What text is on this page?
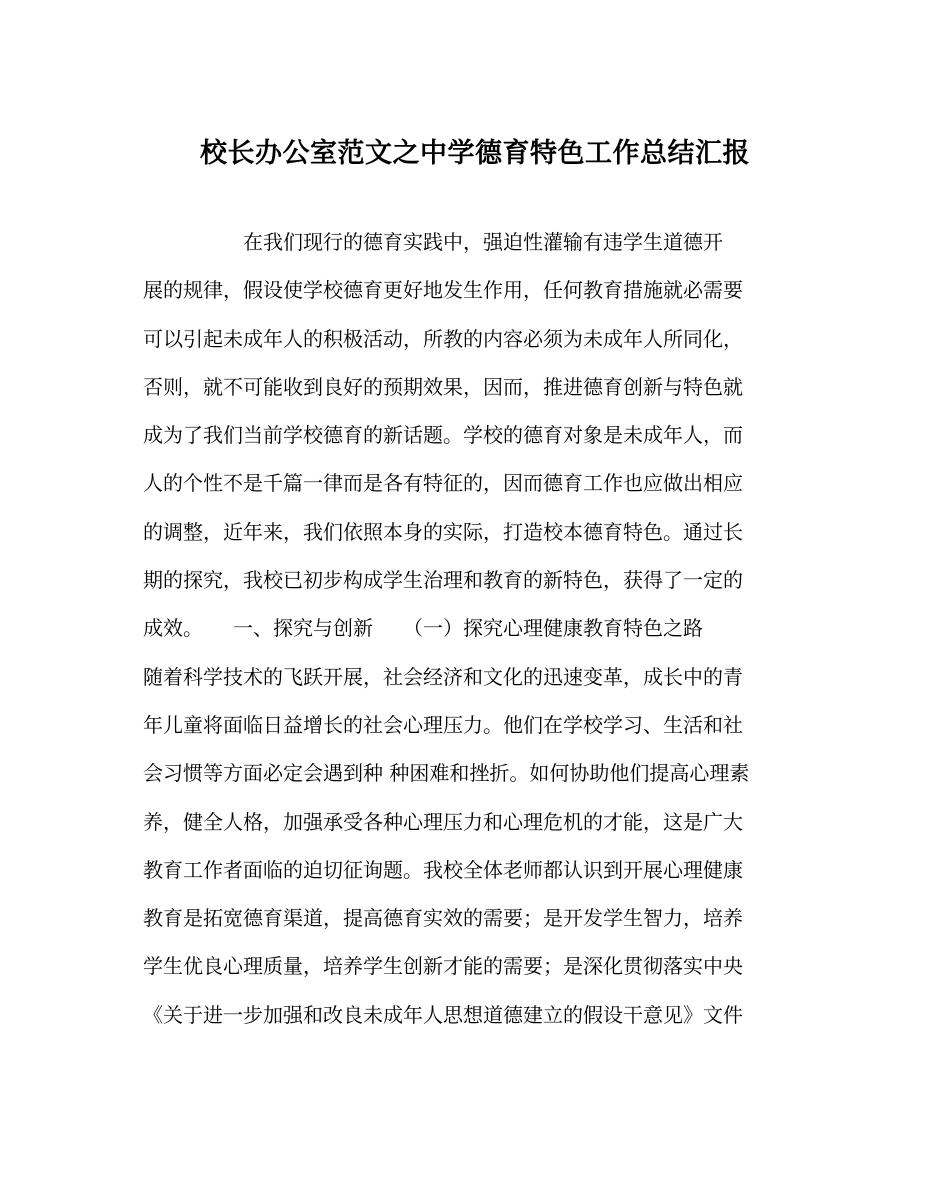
校长办公室范文之中学德育特色工作总结汇报
　　　　　在我们现行的德育实践中，强迫性灌输有违学生道德开
展的规律，假设使学校德育更好地发生作用，任何教育措施就必需要
可以引起未成年人的积极活动，所教的内容必须为未成年人所同化，
否则，就不可能收到良好的预期效果，因而，推进德育创新与特色就
成为了我们当前学校德育的新话题。学校的德育对象是未成年人，而
人的个性不是千篇一律而是各有特征的，因而德育工作也应做出相应
的调整，近年来，我们依照本身的实际，打造校本德育特色。通过长
期的探究，我校已初步构成学生治理和教育的新特色，获得了一定的
成效。　　一、探究与创新　　（一）探究心理健康教育特色之路
随着科学技术的飞跃开展，社会经济和文化的迅速变革，成长中的青
年儿童将面临日益增长的社会心理压力。他们在学校学习、生活和社
会习惯等方面必定会遇到种 种困难和挫折。如何协助他们提高心理素
养，健全人格，加强承受各种心理压力和心理危机的才能，这是广大
教育工作者面临的迫切征询题。我校全体老师都认识到开展心理健康
教育是拓宽德育渠道，提高德育实效的需要；是开发学生智力，培养
学生优良心理质量，培养学生创新才能的需要；是深化贯彻落实中央
《关于进一步加强和改良未成年人思想道德建立的假设干意见》文件
